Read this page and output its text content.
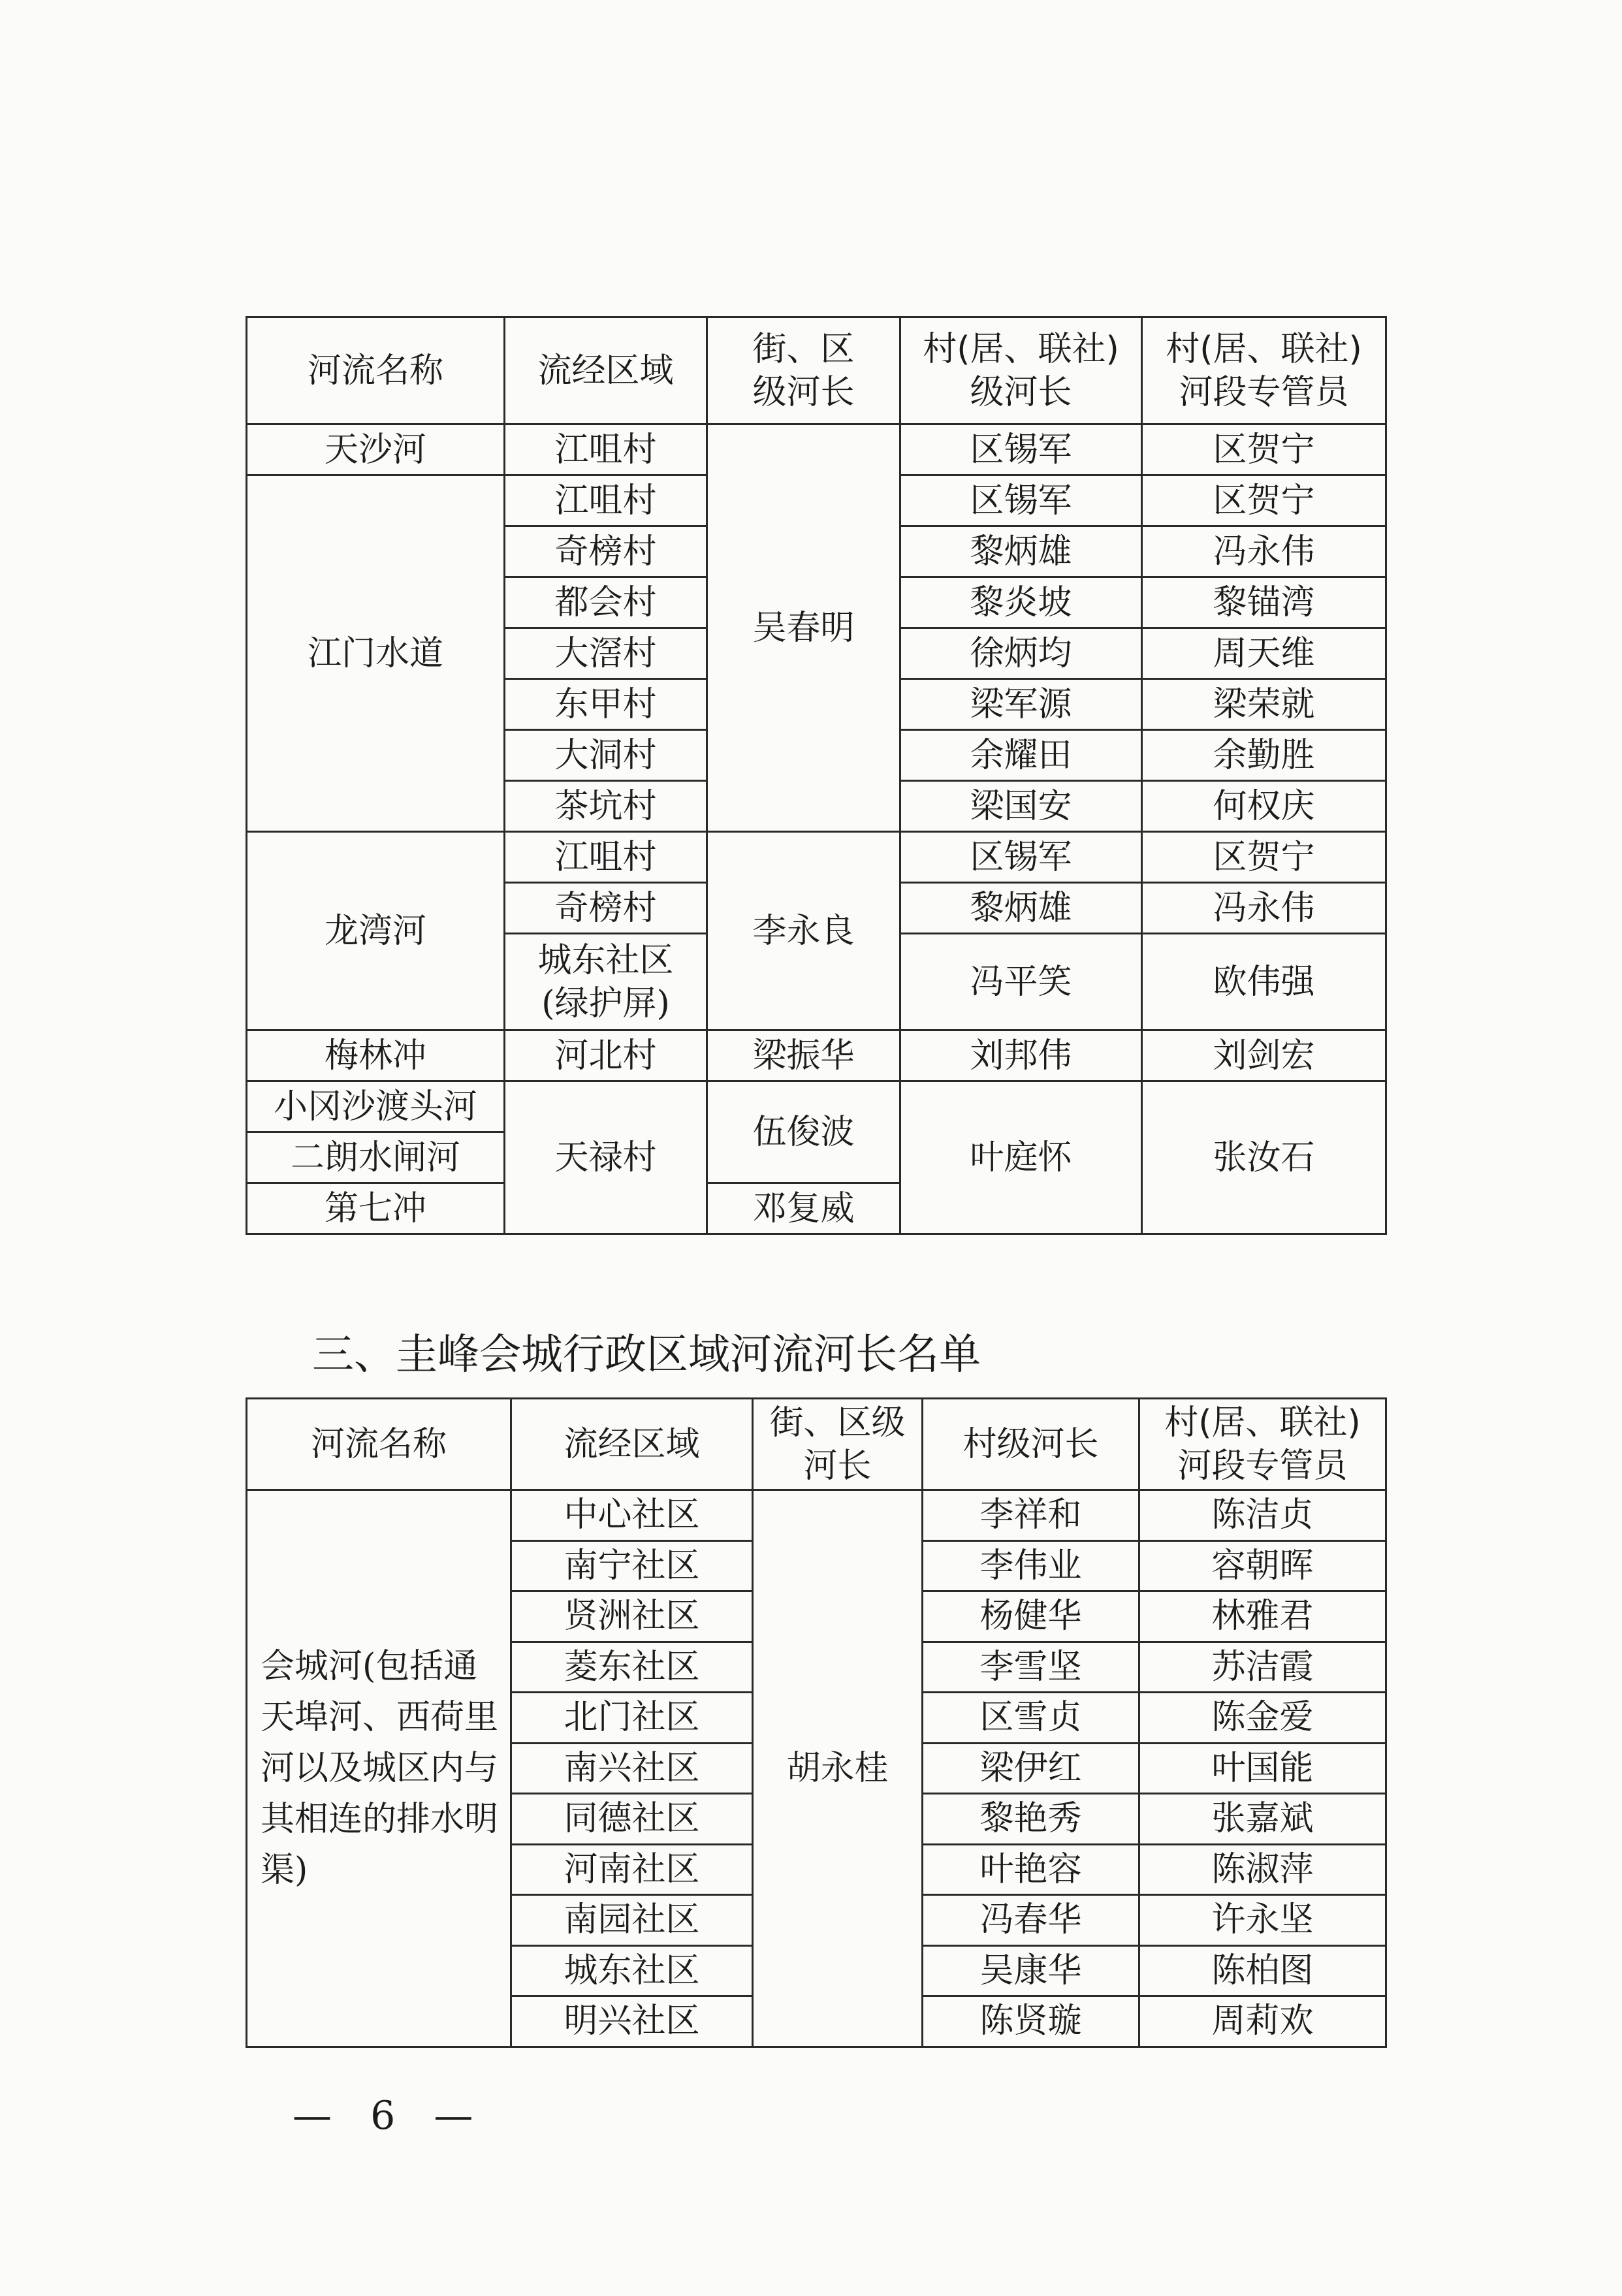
河流名称	流经区域	街、区级河长	村(居、联社)级河长	村(居、联社)河段专管员
天沙河	江咀村	吴春明	区锡军	区贺宁
江门水道	江咀村		区锡军	区贺宁
	奇榜村		黎炳雄	冯永伟
	都会村		黎炎坡	黎锚湾
	大滘村		徐炳均	周天维
	东甲村		梁军源	梁荣就
	大洞村		余耀田	余勤胜
	茶坑村		梁国安	何权庆
龙湾河	江咀村	李永良	区锡军	区贺宁
	奇榜村		黎炳雄	冯永伟
	城东社区(绿护屏)		冯平笑	欧伟强
梅林冲	河北村	梁振华	刘邦伟	刘剑宏
小冈沙渡头河	天禄村	伍俊波	叶庭怀	张汝石
二朗水闸河				
第七冲		邓复威		
三、圭峰会城行政区域河流河长名单
河流名称	流经区域	街、区级河长	村级河长	村(居、联社)河段专管员
会城河(包括通天埠河、西荷里河以及城区内与其相连的排水明渠)	中心社区	胡永桂	李祥和	陈洁贞
	南宁社区		李伟业	容朝晖
	贤洲社区		杨健华	林雅君
	菱东社区		李雪坚	苏洁霞
	北门社区		区雪贞	陈金爱
	南兴社区		梁伊红	叶国能
	同德社区		黎艳秀	张嘉斌
	河南社区		叶艳容	陈淑萍
	南园社区		冯春华	许永坚
	城东社区		吴康华	陈柏图
	明兴社区		陈贤璇	周莉欢
— 6 —
